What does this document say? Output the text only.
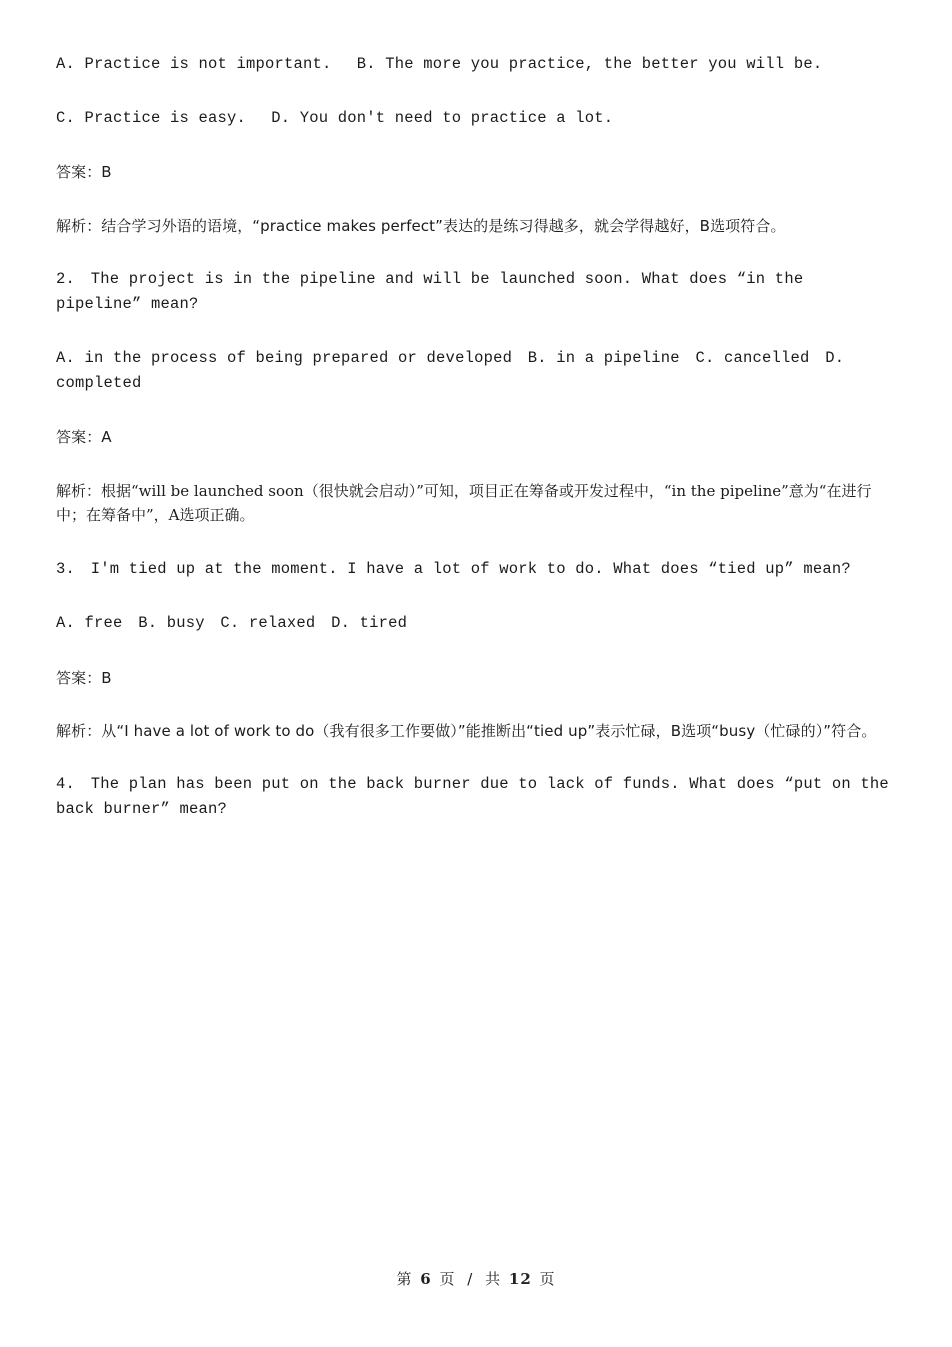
A. Practice is not important.　 B. The more you practice, the better you will be.

C. Practice is easy.　 D. You don't need to practice a lot.

答案：B

解析：结合学习外语的语境，“practice makes perfect”表达的是练习得越多，就会学得越好，B选项符合。

2.　The project is in the pipeline and will be launched soon. What does “in the pipeline” mean?

A. in the process of being prepared or developed　B. in a pipeline　C. cancelled　D. completed

答案：A

解析：根据“will be launched soon（很快就会启动）”可知，项目正在筹备或开发过程中，“in the pipeline”意为“在进行中；在筹备中”，A选项正确。

3.　I'm tied up at the moment. I have a lot of work to do. What does “tied up” mean?

A. free　B. busy　C. relaxed　D. tired

答案：B

解析：从“I have a lot of work to do（我有很多工作要做）”能推断出“tied up”表示忙碌，B选项“busy（忙碌的）”符合。

4.　The plan has been put on the back burner due to lack of funds. What does “put on the back burner” mean?

第 6 页 / 共 12 页
